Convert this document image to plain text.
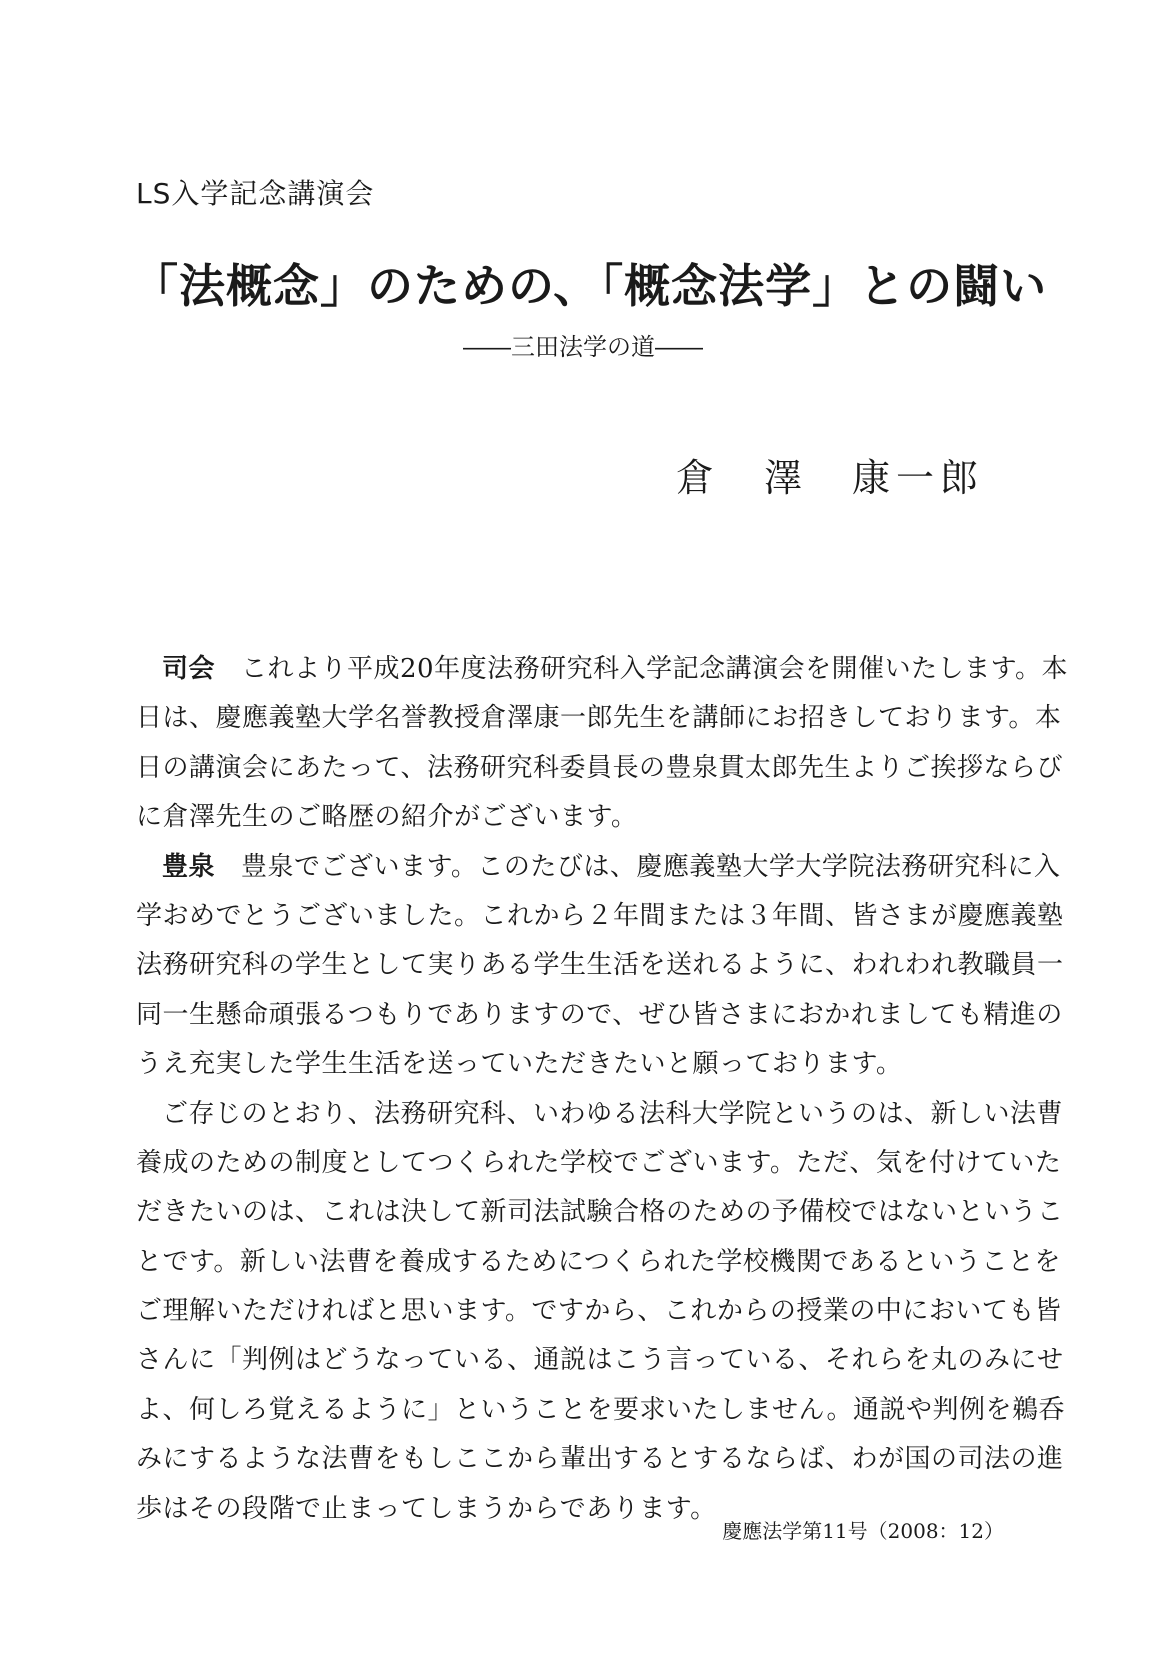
LS入学記念講演会
「法概念」のための、「概念法学」との闘い
――三田法学の道――
倉　澤　康一郎
司会 これより平成20年度法務研究科入学記念講演会を開催いたします。本
日は、慶應義塾大学名誉教授倉澤康一郎先生を講師にお招きしております。本
日の講演会にあたって、法務研究科委員長の豊泉貫太郎先生よりご挨拶ならび
に倉澤先生のご略歴の紹介がございます。
豊泉 豊泉でございます。このたびは、慶應義塾大学大学院法務研究科に入
学おめでとうございました。これから２年間または３年間、皆さまが慶應義塾
法務研究科の学生として実りある学生生活を送れるように、われわれ教職員一
同一生懸命頑張るつもりでありますので、ぜひ皆さまにおかれましても精進の
うえ充実した学生生活を送っていただきたいと願っております。
ご存じのとおり、法務研究科、いわゆる法科大学院というのは、新しい法曹
養成のための制度としてつくられた学校でございます。ただ、気を付けていた
だきたいのは、これは決して新司法試験合格のための予備校ではないというこ
とです。新しい法曹を養成するためにつくられた学校機関であるということを
ご理解いただければと思います。ですから、これからの授業の中においても皆
さんに「判例はどうなっている、通説はこう言っている、それらを丸のみにせ
よ、何しろ覚えるように」ということを要求いたしません。通説や判例を鵜呑
みにするような法曹をもしここから輩出するとするならば、わが国の司法の進
歩はその段階で止まってしまうからであります。
慶應法学第11号（2008：12）
